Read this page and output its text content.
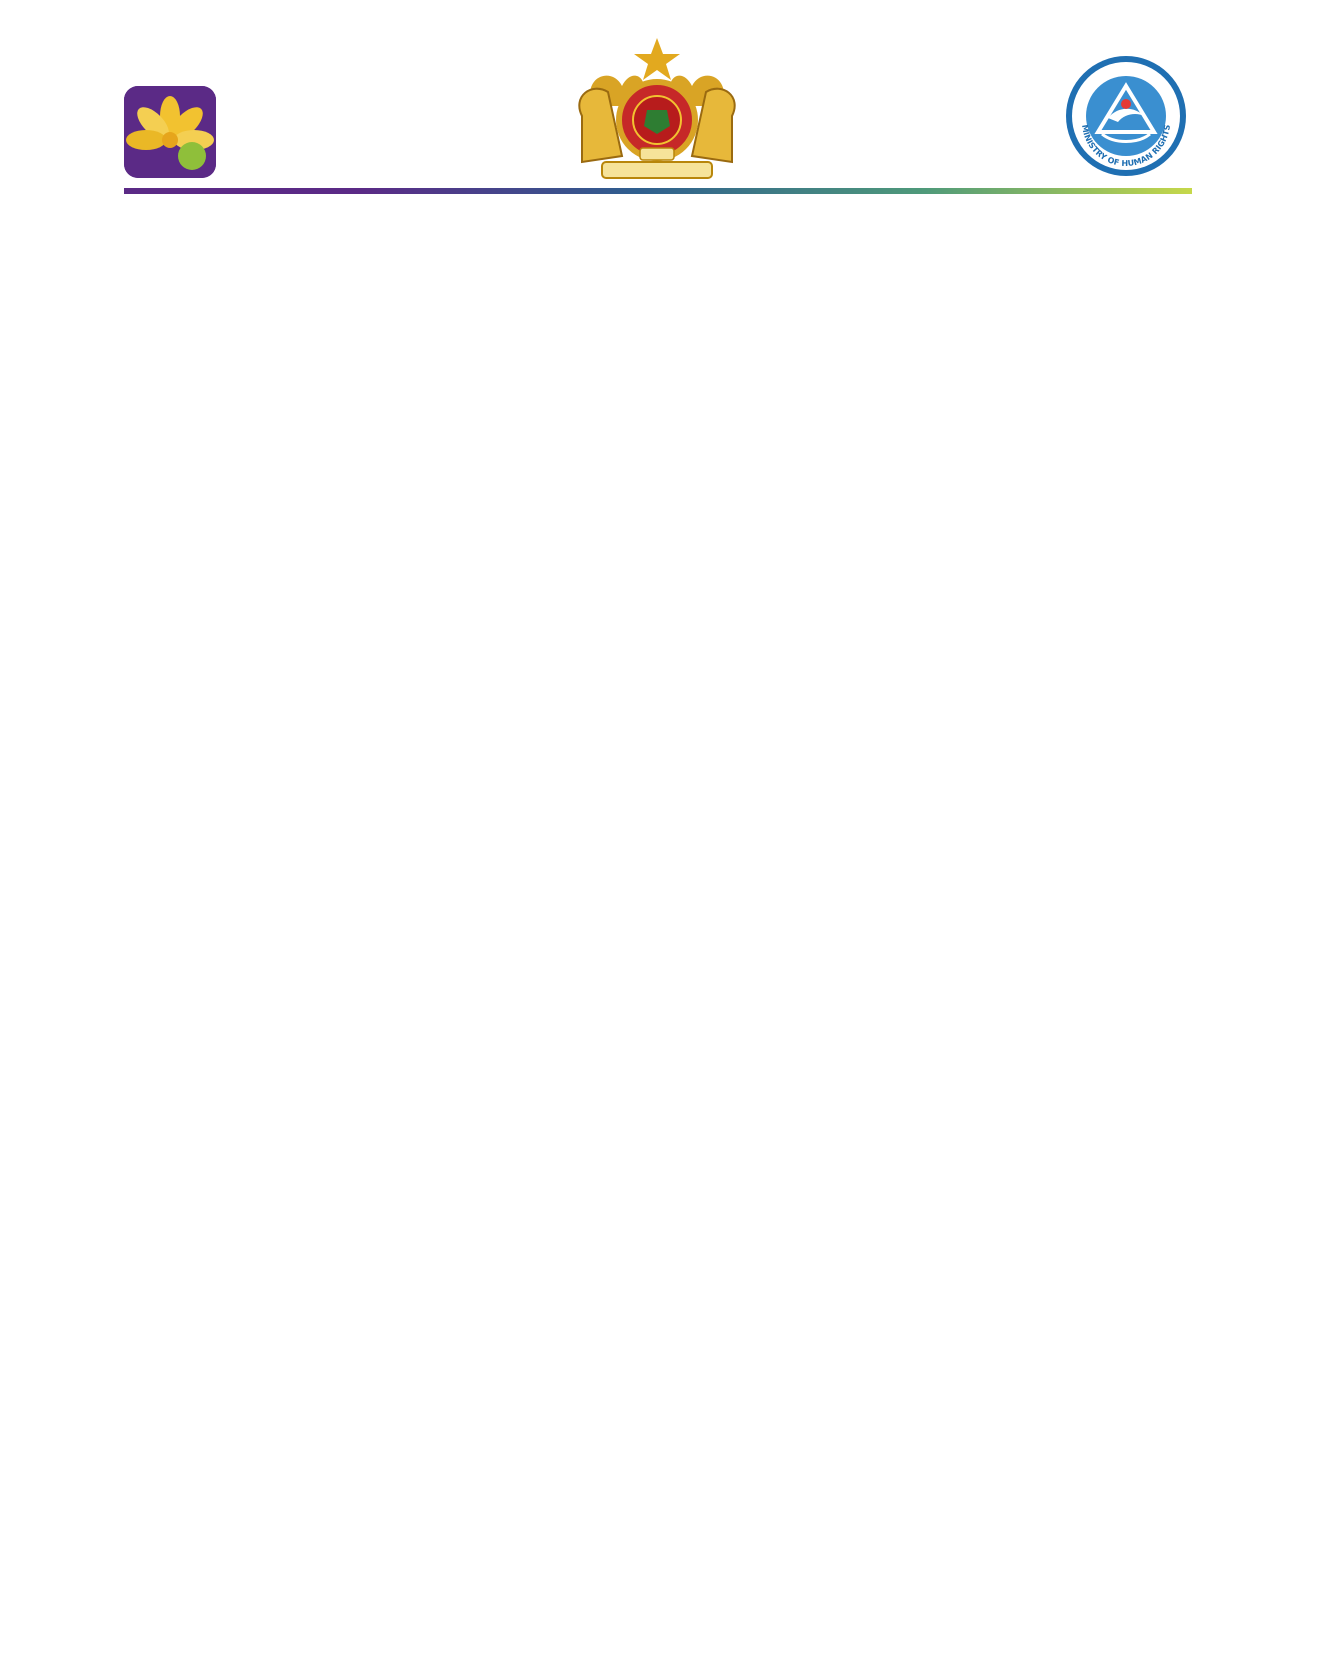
MINISTRY OF HUMAN RIGHTS
